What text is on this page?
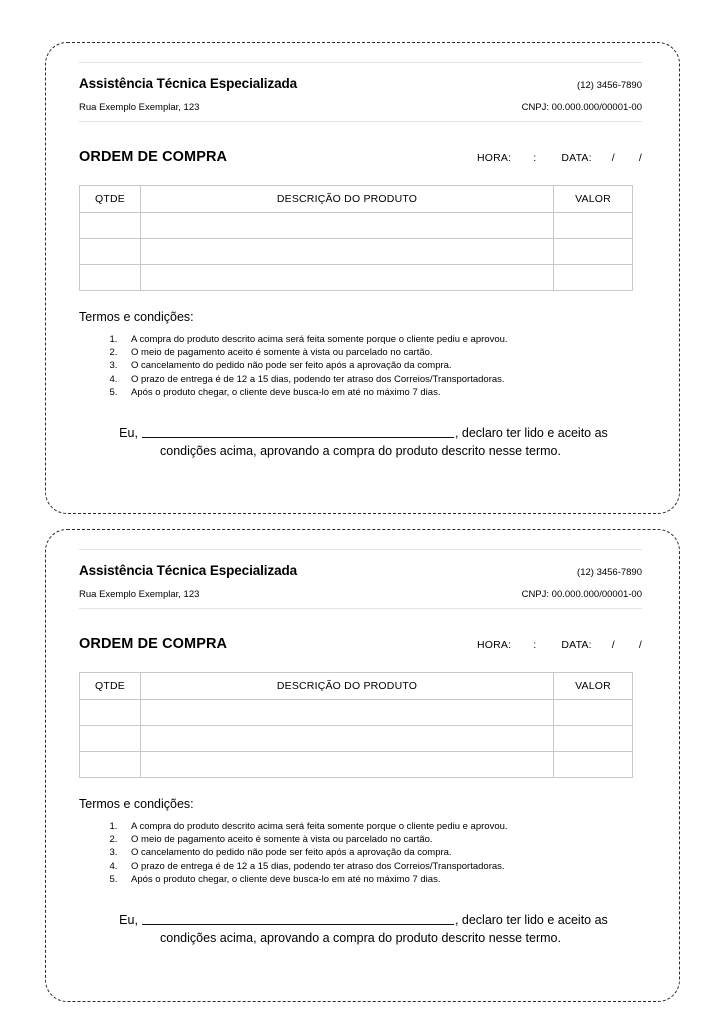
Assistência Técnica Especializada	(12) 3456-7890
Rua Exemplo Exemplar, 123	CNPJ: 00.000.000/00001-00
ORDEM DE COMPRA	HORA: : DATA: / /
QTDE	DESCRIÇÃO DO PRODUTO	VALOR

Termos e condições:
1. A compra do produto descrito acima será feita somente porque o cliente pediu e aprovou.
2. O meio de pagamento aceito é somente à vista ou parcelado no cartão.
3. O cancelamento do pedido não pode ser feito após a aprovação da compra.
4. O prazo de entrega é de 12 a 15 dias, podendo ter atraso dos Correios/Transportadoras.
5. Após o produto chegar, o cliente deve busca-lo em até no máximo 7 dias.
Eu,	, declaro ter lido e aceito as
condições acima, aprovando a compra do produto descrito nesse termo.
Assistência Técnica Especializada	(12) 3456-7890
Rua Exemplo Exemplar, 123	CNPJ: 00.000.000/00001-00
ORDEM DE COMPRA	HORA: : DATA: / /
QTDE	DESCRIÇÃO DO PRODUTO	VALOR

Termos e condições:
1. A compra do produto descrito acima será feita somente porque o cliente pediu e aprovou.
2. O meio de pagamento aceito é somente à vista ou parcelado no cartão.
3. O cancelamento do pedido não pode ser feito após a aprovação da compra.
4. O prazo de entrega é de 12 a 15 dias, podendo ter atraso dos Correios/Transportadoras.
5. Após o produto chegar, o cliente deve busca-lo em até no máximo 7 dias.
Eu,	, declaro ter lido e aceito as
condições acima, aprovando a compra do produto descrito nesse termo.
